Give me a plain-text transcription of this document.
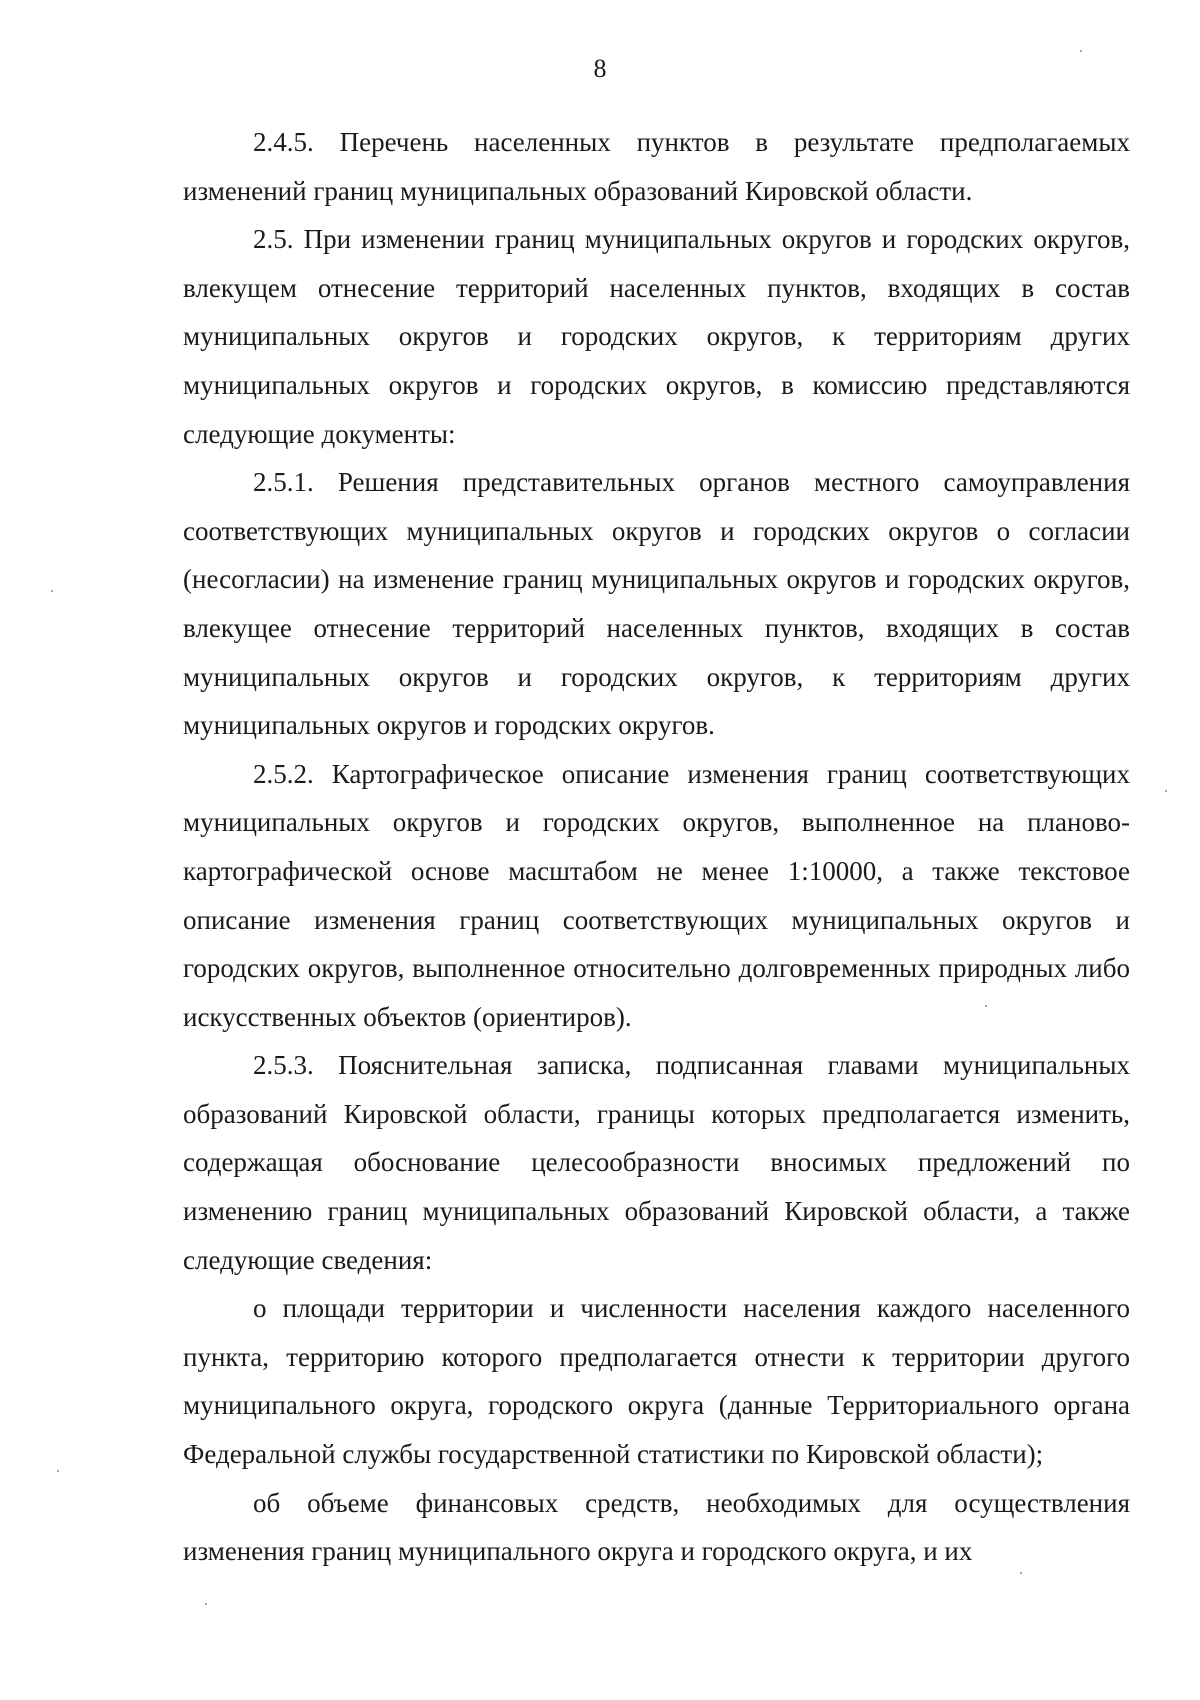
8

2.4.5. Перечень населенных пунктов в результате предполагаемых изменений границ муниципальных образований Кировской области.

2.5. При изменении границ муниципальных округов и городских округов, влекущем отнесение территорий населенных пунктов, входящих в состав муниципальных округов и городских округов, к территориям других муниципальных округов и городских округов, в комиссию представляются следующие документы:

2.5.1. Решения представительных органов местного самоуправления соответствующих муниципальных округов и городских округов о согласии (несогласии) на изменение границ муниципальных округов и городских округов, влекущее отнесение территорий населенных пунктов, входящих в состав муниципальных округов и городских округов, к территориям других муниципальных округов и городских округов.

2.5.2. Картографическое описание изменения границ соответствующих муниципальных округов и городских округов, выполненное на планово-картографической основе масштабом не менее 1:10000, а также текстовое описание изменения границ соответствующих муниципальных округов и городских округов, выполненное относительно долговременных природных либо искусственных объектов (ориентиров).

2.5.3. Пояснительная записка, подписанная главами муниципальных образований Кировской области, границы которых предполагается изменить, содержащая обоснование целесообразности вносимых предложений по изменению границ муниципальных образований Кировской области, а также следующие сведения:

о площади территории и численности населения каждого населенного пункта, территорию которого предполагается отнести к территории другого муниципального округа, городского округа (данные Территориального органа Федеральной службы государственной статистики по Кировской области);

об объеме финансовых средств, необходимых для осуществления изменения границ муниципального округа и городского округа, и их
